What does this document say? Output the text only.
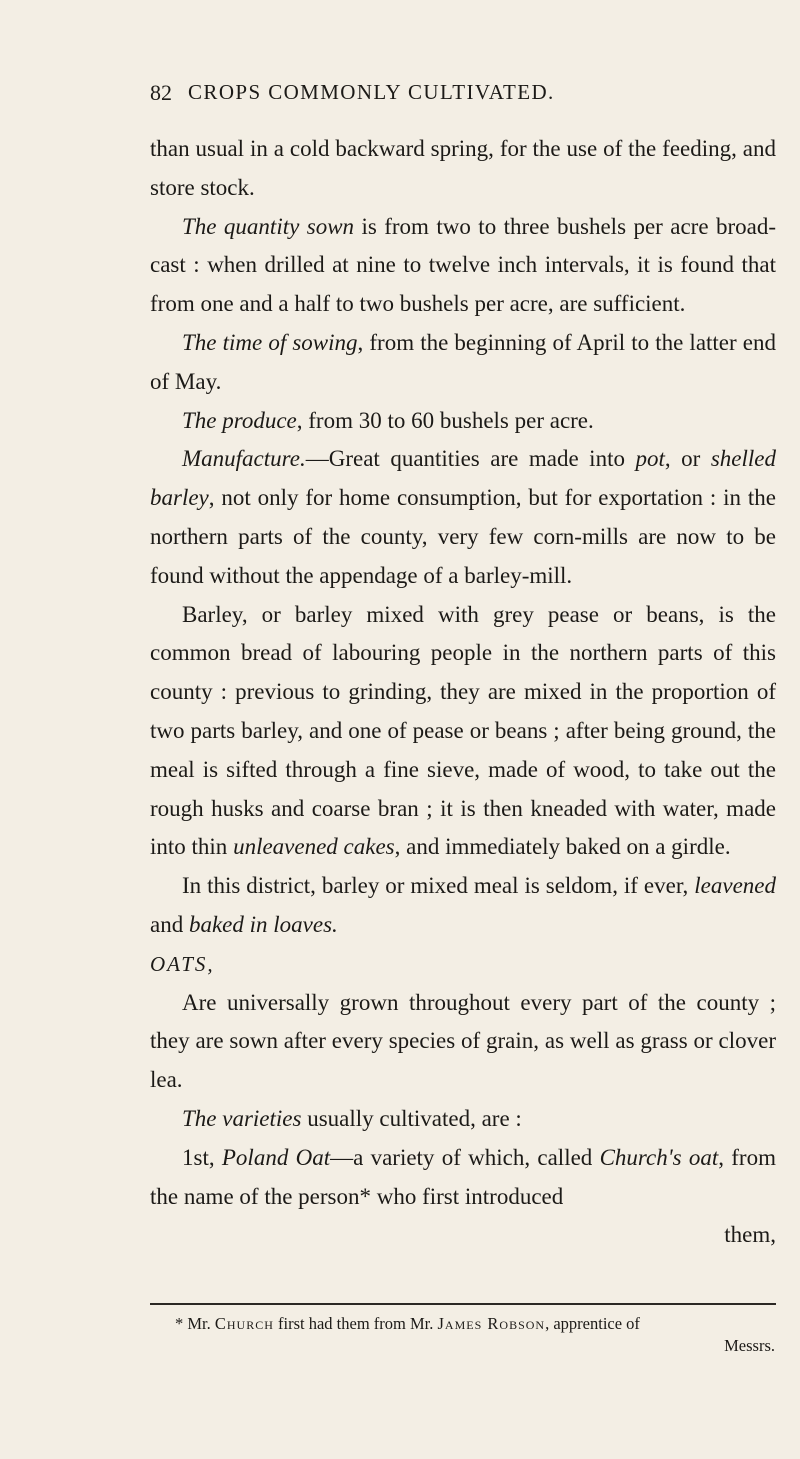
82 CROPS COMMONLY CULTIVATED.

than usual in a cold backward spring, for the use of the feeding, and store stock.

The quantity sown is from two to three bushels per acre broad-cast : when drilled at nine to twelve inch intervals, it is found that from one and a half to two bushels per acre, are sufficient.

The time of sowing, from the beginning of April to the latter end of May.

The produce, from 30 to 60 bushels per acre.

Manufacture.—Great quantities are made into pot, or shelled barley, not only for home consumption, but for exportation : in the northern parts of the county, very few corn-mills are now to be found without the appendage of a barley-mill.

Barley, or barley mixed with grey pease or beans, is the common bread of labouring people in the northern parts of this county : previous to grinding, they are mixed in the proportion of two parts barley, and one of pease or beans ; after being ground, the meal is sifted through a fine sieve, made of wood, to take out the rough husks and coarse bran ; it is then kneaded with water, made into thin unleavened cakes, and immediately baked on a girdle.

In this district, barley or mixed meal is seldom, if ever, leavened and baked in loaves.

OATS,

Are universally grown throughout every part of the county ; they are sown after every species of grain, as well as grass or clover lea.

The varieties usually cultivated, are :

1st, Poland Oat—a variety of which, called Church's oat, from the name of the person* who first introduced

them,

* Mr. Church first had them from Mr. James Robson, apprentice of
Messrs.
